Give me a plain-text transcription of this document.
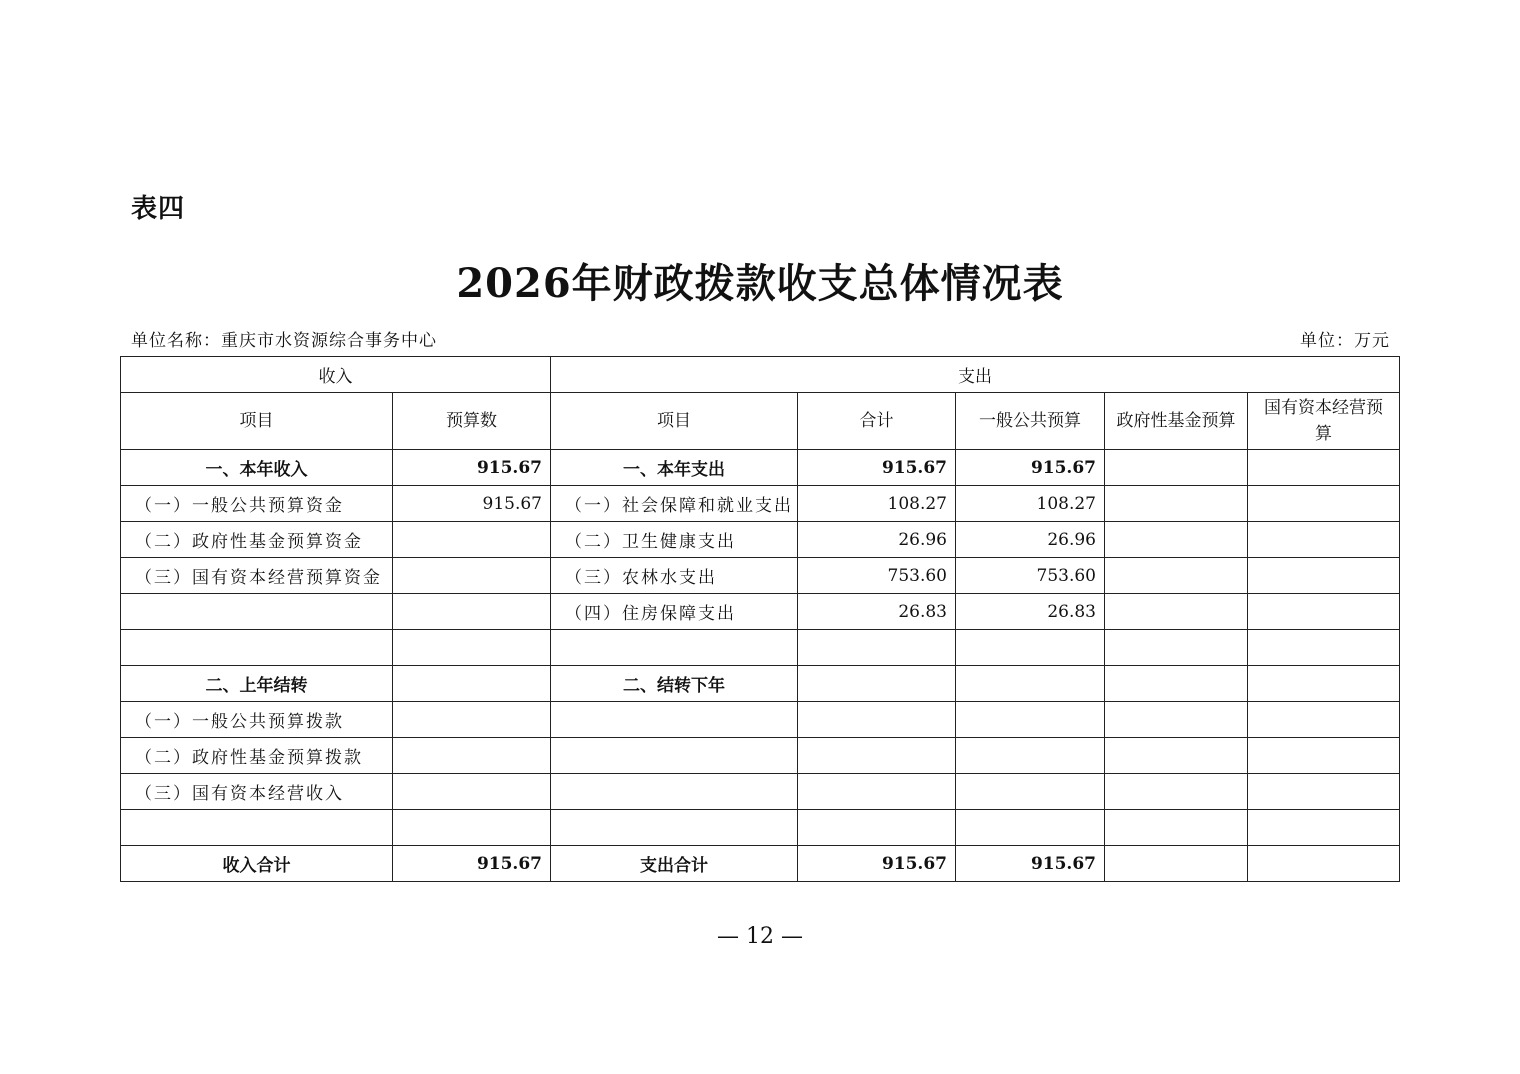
表四
2026年财政拨款收支总体情况表
单位名称：重庆市水资源综合事务中心	单位：万元
收入		支出				
项目	预算数	项目	合计	一般公共预算	政府性基金预算	国有资本经营预算
一、本年收入	915.67	一、本年支出	915.67	915.67		
（一）一般公共预算资金	915.67	（一）社会保障和就业支出	108.27	108.27		
（二）政府性基金预算资金		（二）卫生健康支出	26.96	26.96		
（三）国有资本经营预算资金		（三）农林水支出	753.60	753.60		
		（四）住房保障支出	26.83	26.83		

二、上年结转		二、结转下年				
（一）一般公共预算拨款						
（二）政府性基金预算拨款						
（三）国有资本经营收入						

收入合计	915.67	支出合计	915.67	915.67		
— 12 —
